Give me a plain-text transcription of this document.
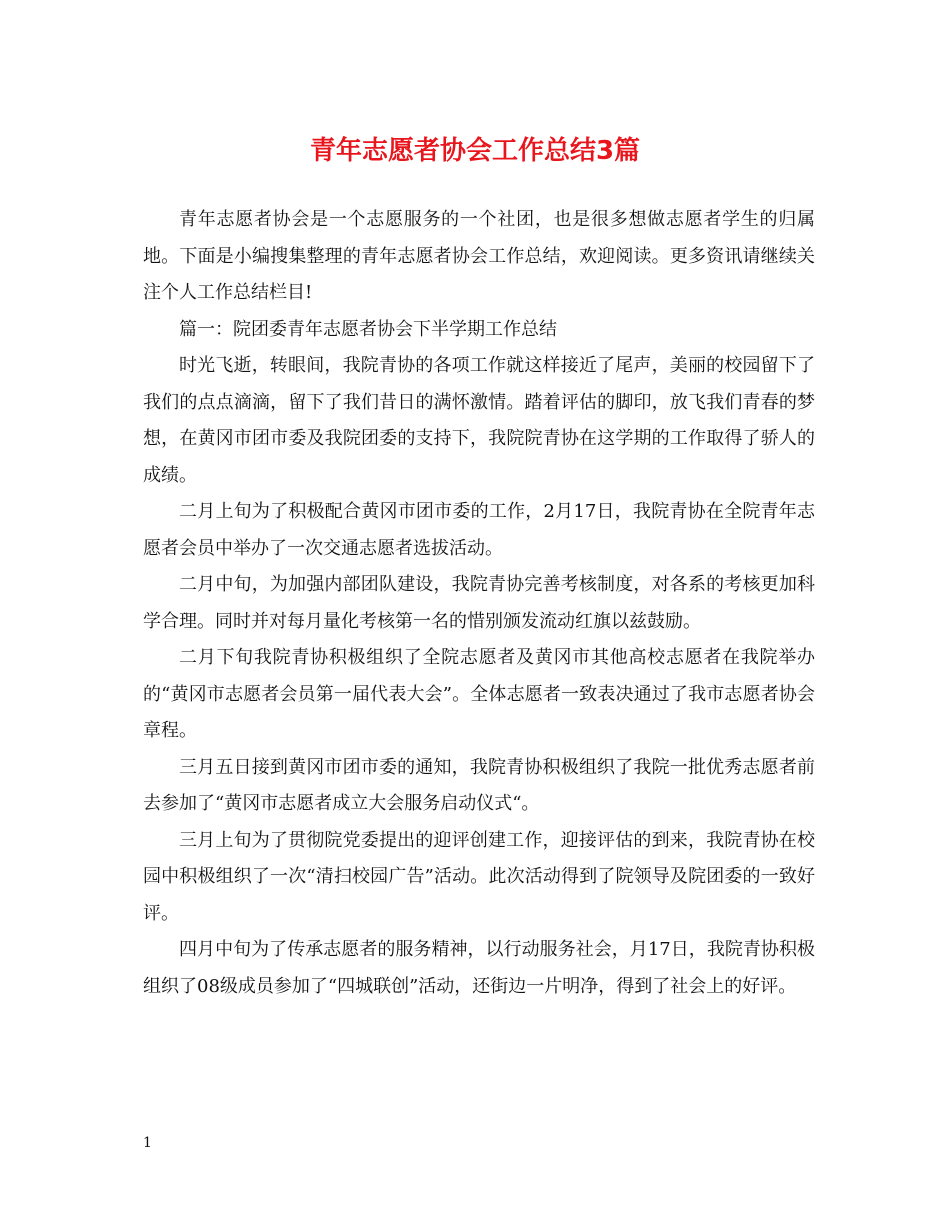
青年志愿者协会工作总结3篇

青年志愿者协会是一个志愿服务的一个社团，也是很多想做志愿者学生的归属地。下面是小编搜集整理的青年志愿者协会工作总结，欢迎阅读。更多资讯请继续关注个人工作总结栏目!

篇一：院团委青年志愿者协会下半学期工作总结

时光飞逝，转眼间，我院青协的各项工作就这样接近了尾声，美丽的校园留下了我们的点点滴滴，留下了我们昔日的满怀激情。踏着评估的脚印，放飞我们青春的梦想，在黄冈市团市委及我院团委的支持下，我院院青协在这学期的工作取得了骄人的成绩。

二月上旬为了积极配合黄冈市团市委的工作，2月17日，我院青协在全院青年志愿者会员中举办了一次交通志愿者选拔活动。

二月中旬，为加强内部团队建设，我院青协完善考核制度，对各系的考核更加科学合理。同时并对每月量化考核第一名的惜别颁发流动红旗以兹鼓励。

二月下旬我院青协积极组织了全院志愿者及黄冈市其他高校志愿者在我院举办的“黄冈市志愿者会员第一届代表大会”。全体志愿者一致表决通过了我市志愿者协会章程。

三月五日接到黄冈市团市委的通知，我院青协积极组织了我院一批优秀志愿者前去参加了“黄冈市志愿者成立大会服务启动仪式“。

三月上旬为了贯彻院党委提出的迎评创建工作，迎接评估的到来，我院青协在校园中积极组织了一次“清扫校园广告”活动。此次活动得到了院领导及院团委的一致好评。

四月中旬为了传承志愿者的服务精神，以行动服务社会，月17日，我院青协积极组织了08级成员参加了“四城联创”活动，还街边一片明净，得到了社会上的好评。

1
